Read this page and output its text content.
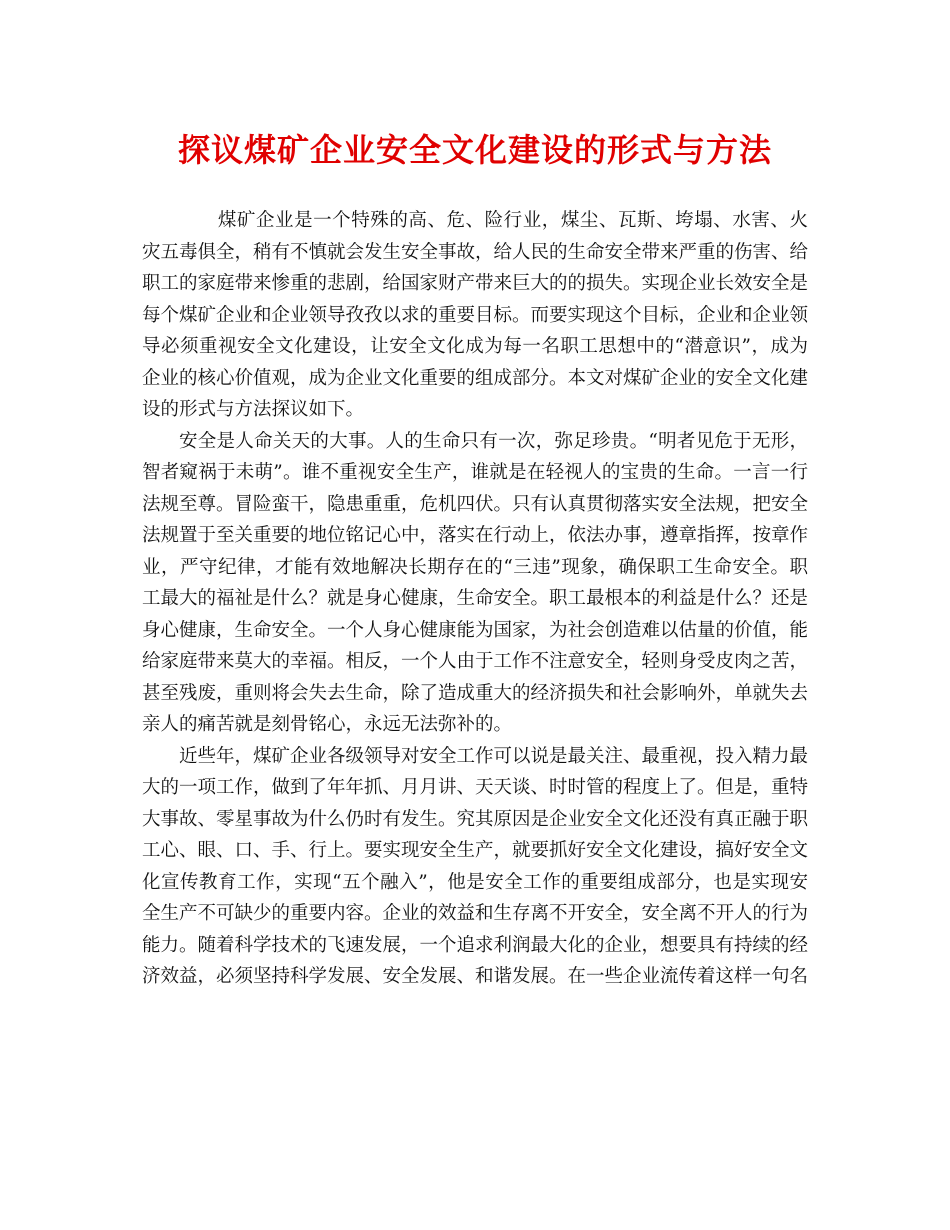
探议煤矿企业安全文化建设的形式与方法

煤矿企业是一个特殊的高、危、险行业，煤尘、瓦斯、垮塌、水害、火灾五毒俱全，稍有不慎就会发生安全事故，给人民的生命安全带来严重的伤害、给职工的家庭带来惨重的悲剧，给国家财产带来巨大的的损失。实现企业长效安全是每个煤矿企业和企业领导孜孜以求的重要目标。而要实现这个目标，企业和企业领导必须重视安全文化建设，让安全文化成为每一名职工思想中的“潜意识”，成为企业的核心价值观，成为企业文化重要的组成部分。本文对煤矿企业的安全文化建设的形式与方法探议如下。

安全是人命关天的大事。人的生命只有一次，弥足珍贵。“明者见危于无形，智者窥祸于未萌”。谁不重视安全生产，谁就是在轻视人的宝贵的生命。一言一行法规至尊。冒险蛮干，隐患重重，危机四伏。只有认真贯彻落实安全法规，把安全法规置于至关重要的地位铭记心中，落实在行动上，依法办事，遵章指挥，按章作业，严守纪律，才能有效地解决长期存在的“三违”现象，确保职工生命安全。职工最大的福祉是什么？就是身心健康，生命安全。职工最根本的利益是什么？还是身心健康，生命安全。一个人身心健康能为国家，为社会创造难以估量的价值，能给家庭带来莫大的幸福。相反，一个人由于工作不注意安全，轻则身受皮肉之苦，甚至残废，重则将会失去生命，除了造成重大的经济损失和社会影响外，单就失去亲人的痛苦就是刻骨铭心，永远无法弥补的。

近些年，煤矿企业各级领导对安全工作可以说是最关注、最重视，投入精力最大的一项工作，做到了年年抓、月月讲、天天谈、时时管的程度上了。但是，重特大事故、零星事故为什么仍时有发生。究其原因是企业安全文化还没有真正融于职工心、眼、口、手、行上。要实现安全生产，就要抓好安全文化建设，搞好安全文化宣传教育工作，实现“五个融入”，他是安全工作的重要组成部分，也是实现安全生产不可缺少的重要内容。企业的效益和生存离不开安全，安全离不开人的行为能力。随着科学技术的飞速发展，一个追求利润最大化的企业，想要具有持续的经济效益，必须坚持科学发展、安全发展、和谐发展。在一些企业流传着这样一句名
